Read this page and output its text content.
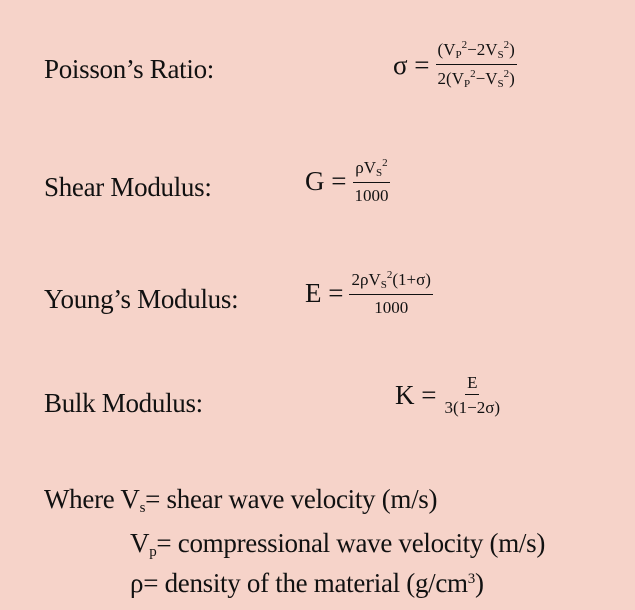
Poisson’s Ratio:	$\sigma = \frac{(V_P^2-2V_S^2)}{2(V_P^2-V_S^2)}$
Shear Modulus:	$G = \frac{\rho V_S^2}{1000}$
Young’s Modulus: $E = \frac{2\rho V_S^2(1+\sigma)}{1000}$
Bulk Modulus:	$K = \frac{E}{3(1-2\sigma)}$
Where $V_s=$ shear wave velocity (m/s)
$V_p=$ compressional wave velocity (m/s)
ρ= density of the material $(g/cm^3)$
